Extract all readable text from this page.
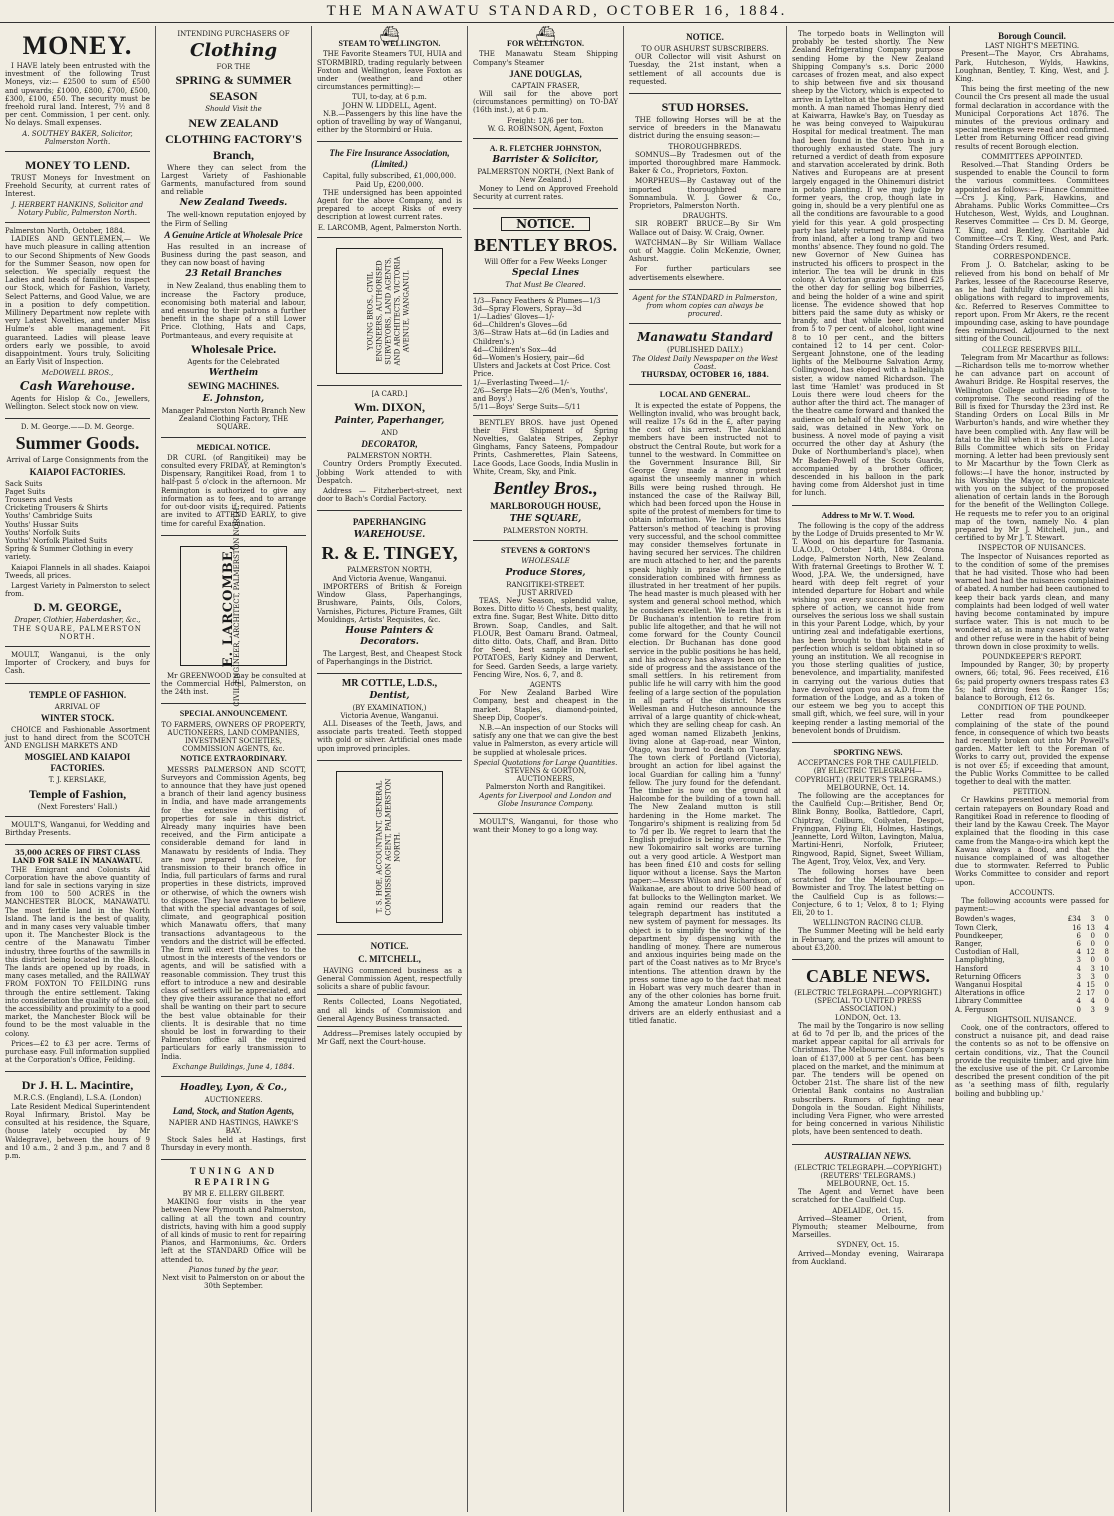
THE MANAWATU STANDARD, OCTOBER 16, 1884.
MONEY.

I HAVE lately been entrusted with the investment of the following Trust Moneys, viz:— £2500 to sum of £500 and upwards; £1000, £800, £700, £500, £300, £100, £50. The security must be freehold rural land. Interest, 7½ and 8 per cent. Commission, 1 per cent. only. No delays. Small expenses.

A. SOUTHEY BAKER, Solicitor, Palmerston North.
MONEY TO LEND.

TRUST Moneys for Investment on Freehold Security, at current rates of Interest.

J. HERBERT HANKINS, Solicitor and Notary Public, Palmerston North.
Palmerston North, October, 1884.

LADIES AND GENTLEMEN,— We have much pleasure in calling attention to our Second Shipments of New Goods for the Summer Season, now open for selection. We specially request the Ladies and heads of families to inspect our Stock, which for Fashion, Variety, Select Patterns, and Good Value, we are in a position to defy competition. Millinery Department now replete with very Latest Novelties, and under Miss Hulme's able management. Fit guaranteed. Ladies will please leave orders early we possible, to avoid disappointment. Yours truly, Soliciting an Early Visit of Inspection.

McDOWELL BROS.,
Cash Warehouse.

Agents for Hislop & Co., Jewellers, Wellington. Select stock now on view.

D. M. George.——D. M. George.
Summer Goods.
Arrival of Large Consignments from the
KAIAPOI FACTORIES.
Sack Suits
Paget Suits
Trousers and Vests
Cricketing Trousers & Shirts
Youths' Cambridge Suits
Youths' Hussar Suits
Youths' Norfolk Suits
Youths' Norfolk Plaited Suits
Spring & Summer Clothing in every variety.

Kaiapoi Flannels in all shades. Kaiapoi Tweeds, all prices.

Largest Variety in Palmerston to select from.

D. M. GEORGE,
Draper, Clothier, Haberdasher, &c.,
THE SQUARE, PALMERSTON NORTH.

MOULT, Wanganui, is the only Importer of Crockery, and buys for Cash.

TEMPLE OF FASHION.
ARRIVAL OF
WINTER STOCK.

CHOICE and Fashionable Assortment just to hand direct from the SCOTCH AND ENGLISH MARKETS AND

MOSGIEL AND KAIAPOI FACTORIES.
T. J. KERSLAKE,
Temple of Fashion,
(Next Foresters' Hall.)

MOULT'S, Wanganui, for Wedding and Birthday Presents.

35,000 ACRES OF FIRST CLASS LAND FOR SALE IN MANAWATU.

THE Emigrant and Colonists Aid Corporation have the above quantity of land for sale in sections varying in size from 100 to 500 ACRES in the MANCHESTER BLOCK, MANAWATU. The most fertile land in the North Island. The land is the best of quality, and in many cases very valuable timber upon it. The Manchester Block is the centre of the Manawatu Timber industry, three fourths of the sawmills in this district being located in the Block. The lands are opened up by roads, in many cases metalled, and the RAILWAY FROM FOXTON TO FEILDING runs through the entire settlement. Taking into consideration the quality of the soil, the accessibility and proximity to a good market, the Manchester Block will be found to be the most valuable in the colony.

Prices—£2 to £3 per acre. Terms of purchase easy. Full information supplied at the Corporation's Office, Feilding.

Dr J. H. L. Macintire,
M.R.C.S. (England), L.S.A. (London)

Late Resident Medical Superintendent Royal Infirmary, Bristol. May be consulted at his residence, the Square, (house lately occupied by Mr Waldegrave), between the hours of 9 and 10 a.m., 2 and 3 p.m., and 7 and 8 p.m.

INTENDING PURCHASERS OF
Clothing
FOR THE
SPRING & SUMMER
SEASON
Should Visit the
NEW ZEALAND
CLOTHING FACTORY'S
Branch,

Where they can select from the Largest Variety of Fashionable Garments, manufactured from sound and reliable

New Zealand Tweeds.

The well-known reputation enjoyed by the Firm of Selling

A Genuine Article at Wholesale Price

Has resulted in an increase of Business during the past season, and they can now boast of having

23 Retail Branches

in New Zealand, thus enabling them to increase the Factory produce, economising both material and labour, and ensuring to their patrons a further benefit in the shape of a still Lower Price. Clothing, Hats and Caps, Portmanteaus, and every requisite at

Wholesale Price.
Agents for the Celebrated
Wertheim
SEWING MACHINES.
E. Johnston,
Manager Palmerston North Branch New Zealand Clothing Factory, THE SQUARE.
MEDICAL NOTICE.

DR CURL (of Rangitikei) may be consulted every FRIDAY, at Remington's Dispensary, Rangitikei Road, from 1 to half-past 5 o'clock in the afternoon. Mr Remington is authorized to give any information as to fees, and to arrange for out-door visits if required. Patients are invited to ATTEND EARLY, to give time for careful Examination.

E. LARCOMBE,
CIVIL ENGINEER, ARCHITECT, PALMERSTON NORTH.

Mr GREENWOOD may be consulted at the Commercial Hotel, Palmerston, on the 24th inst.

SPECIAL ANNOUNCEMENT.
TO FARMERS, OWNERS OF PROPERTY, AUCTIONEERS, LAND COMPANIES, INVESTMENT SOCIETIES, COMMISSION AGENTS, &c.
NOTICE EXTRAORDINARY.

MESSRS PALMERSON AND SCOTT, Surveyors and Commission Agents, beg to announce that they have just opened a branch of their land agency business in India, and have made arrangements for the extensive advertising of properties for sale in this district. Already many inquiries have been received, and the Firm anticipate a considerable demand for land in Manawatu by residents of India. They are now prepared to receive, for transmission to their branch office in India, full particulars of farms and rural properties in these districts, improved or otherwise, of which the owners wish to dispose. They have reason to believe that with the special advantages of soil, climate, and geographical position which Manawatu offers, that many transactions advantageous to the vendors and the district will be effected. The firm will exert themselves to the utmost in the interests of the vendors or agents, and will be satisfied with a reasonable commission. They trust this effort to introduce a new and desirable class of settlers will be appreciated, and they give their assurance that no effort shall be wanting on their part to secure the best value obtainable for their clients. It is desirable that no time should be lost in forwarding to their Palmerston office all the required particulars for early transmission to India.

Exchange Buildings, June 4, 1884.
Hoadley, Lyon, & Co.,
AUCTIONEERS.
Land, Stock, and Station Agents,
NAPIER AND HASTINGS, HAWKE'S BAY.

Stock Sales held at Hastings, first Thursday in every month.

TUNING AND REPAIRING
BY MR E. ELLERY GILBERT.

MAKING four visits in the year between New Plymouth and Palmerston, calling at all the town and country districts, having with him a good supply of all kinds of music to rent for repairing Pianos, and Harmoniums, &c. Orders left at the STANDARD Office will be attended to.

Pianos tuned by the year.
Next visit to Palmerston on or about the 30th September.
⛴
STEAM TO WELLINGTON.

THE Favorite Steamers TUI, HUIA and STORMBIRD, trading regularly between Foxton and Wellington, leave Foxton as under (weather and other circumstances permitting):—

TUI, to-day, at 6 p.m.
JOHN W. LIDDELL, Agent.

N.B.—Passengers by this line have the option of travelling by way of Wanganui, either by the Stormbird or Huia.

The Fire Insurance Association, (Limited.)
Capital, fully subscribed, £1,000,000.
Paid Up, £200,000.

THE undersigned has been appointed Agent for the above Company, and is prepared to accept Risks of every description at lowest current rates.

E. LARCOMB, Agent, Palmerston North.
YOUNG BROS., CIVIL ENGINEERS, AUTHORISED SURVEYORS, LAND AGENTS, AND ARCHITECTS, VICTORIA AVENUE, WANGANUI.
[A CARD.]
Wm. DIXON,
Painter, Paperhanger,
AND
DECORATOR,
PALMERSTON NORTH.

Country Orders Promptly Executed. Jobbing Work attended to with Despatch.

Address — Fitzherbert-street, next door to Bach's Cordial Factory.

PAPERHANGING
WAREHOUSE.
R. & E. TINGEY,
PALMERSTON NORTH,
And Victoria Avenue, Wanganui.

IMPORTERS of British & Foreign Window Glass, Paperhangings, Brushware, Paints, Oils, Colors, Varnishes, Pictures, Picture Frames, Gilt Mouldings, Artists' Requisites, &c.

House Painters & Decorators.

The Largest, Best, and Cheapest Stock of Paperhangings in the District.

MR COTTLE, L.D.S.,
Dentist,
(BY EXAMINATION,)
Victoria Avenue, Wanganui.

ALL Diseases of the Teeth, Jaws, and associate parts treated. Teeth stopped with gold or silver. Artificial ones made upon improved principles.

T. S. HOE, ACCOUNTANT, GENERAL COMMISSION AGENT, PALMERSTON NORTH.
NOTICE.
C. MITCHELL,

HAVING commenced business as a General Commission Agent, respectfully solicits a share of public favour.

Rents Collected, Loans Negotiated, and all kinds of Commission and General Agency Business transacted.

Address—Premises lately occupied by Mr Gaff, next the Court-house.

⛴
FOR WELLINGTON.

THE Manawatu Steam Shipping Company's Steamer

JANE DOUGLAS,
CAPTAIN FRASER,

Will sail for the above port (circumstances permitting) on TO-DAY (16th inst.), at 6 p.m.

Freight: 12/6 per ton.
W. G. ROBINSON, Agent, Foxton
A. R. FLETCHER JOHNSTON,
Barrister & Solicitor,
PALMERSTON NORTH, (Next Bank of New Zealand.)

Money to Lend on Approved Freehold Security at current rates.

NOTICE.
BENTLEY BROS.
Will Offer for a Few Weeks Longer
Special Lines
That Must Be Cleared.
1/3—Fancy Feathers & Plumes—1/3
3d—Spray Flowers, Spray—3d
1/—Ladies' Gloves—1/-
6d—Children's Gloves—6d
3/6—Straw Hats at—6d (in Ladies and Children's.)
4d—Children's Sox—4d
6d—Women's Hosiery, pair—6d
Ulsters and Jackets at Cost Price. Cost Price.
1/—Everlasting Tweed—1/-
2/6—Serge Hats—2/6 (Men's, Youths', and Boys'.)
5/11—Boys' Serge Suits—5/11

BENTLEY BROS. have just Opened their First Shipment of Spring Novelties, Galatea Stripes, Zephyr Ginghams, Fancy Sateens, Pompadour Prints, Cashmerettes, Plain Sateens, Lace Goods, Lace Goods, India Muslin in White, Cream, Sky, and Pink.

Bentley Bros.,
MARLBOROUGH HOUSE,
THE SQUARE,
PALMERSTON NORTH.
STEVENS & GORTON'S
WHOLESALE
Produce Stores,
RANGITIKEI-STREET.
JUST ARRIVED

TEAS, New Season, splendid value, Boxes. Ditto ditto ½ Chests, best quality, extra fine. Sugar, Best White. Ditto ditto Brown. Soap, Candles, and Salt. FLOUR, Best Oamaru Brand. Oatmeal, ditto ditto. Oats, Chaff, and Bran. Ditto for Seed, best sample in market. POTATOES, Early Kidney and Derwent, for Seed. Garden Seeds, a large variety. Fencing Wire, Nos. 6, 7, and 8.

AGENTS

For New Zealand Barbed Wire Company, best and cheapest in the market. Staples, diamond-pointed, Sheep Dip, Cooper's.

N.B.—An inspection of our Stocks will satisfy any one that we can give the best value in Palmerston, as every article will be supplied at wholesale prices.

Special Quotations for Large Quantities.
STEVENS & GORTON,
AUCTIONEERS,
Palmerston North and Rangitikei.
Agents for Liverpool and London and Globe Insurance Company.

MOULT'S, Wanganui, for those who want their Money to go a long way.

NOTICE.
TO OUR ASHURST SUBSCRIBERS.

OUR Collector will visit Ashurst on Tuesday, the 21st instant, when a settlement of all accounts due is requested.

STUD HORSES.

THE following Horses will be at the service of breeders in the Manawatu district during the ensuing season:—

THOROUGHBREDS.

SOMNUS—By Tradesmen out of the imported thoroughbred mare Hammock. Baker & Co., Proprietors, Foxton.

MORPHEUS—By Castaway out of the imported thoroughbred mare Somnambula. W. J. Gower & Co., Proprietors, Palmerston North.

DRAUGHTS.

SIR ROBERT BRUCE—By Sir Wm Wallace out of Daisy. W. Craig, Owner.

WATCHMAN—By Sir William Wallace out of Maggie. Colin McKenzie, Owner, Ashurst.

For further particulars see advertisements elsewhere.

Agent for the STANDARD in Palmerston, from whom copies can always be procured.
Manawatu Standard
(PUBLISHED DAILY.)
The Oldest Daily Newspaper on the West Coast.
THURSDAY, OCTOBER 16, 1884.
LOCAL AND GENERAL.

It is expected the estate of Poppens, the Wellington invalid, who was brought back, will realize 17s 6d in the £, after paying the cost of his arrest. The Auckland members have been instructed not to obstruct the Central Route, but work for a tunnel to the westward. In Committee on the Government Insurance Bill, Sir George Grey made a strong protest against the unseemly manner in which Bills were being rushed through. He instanced the case of the Railway Bill, which had been forced upon the House in spite of the protest of members for time to obtain information. We learn that Miss Patterson's method of teaching is proving very successful, and the school committee may consider themselves fortunate in having secured her services. The children are much attached to her, and the parents speak highly in praise of her gentle consideration combined with firmness as illustrated in her treatment of her pupils. The head master is much pleased with her system and general school method, which he considers excellent. We learn that it is Dr Buchanan's intention to retire from public life altogether, and that he will not come forward for the County Council election. Dr Buchanan has done good service in the public positions he has held, and his advocacy has always been on the side of progress and the assistance of the small settlers. In his retirement from public life he will carry with him the good feeling of a large section of the population in all parts of the district. Messrs Wellesman and Hutcheson announce the arrival of a large quantity of chick-wheat, which they are selling cheap for cash. An aged woman named Elizabeth Jenkins, living alone at Gap-road, near Winton, Otago, was burned to death on Tuesday. The town clerk of Portland (Victoria), brought an action for libel against the local Guardian for calling him a 'funny' fellow. The jury found for the defendant. The timber is now on the ground at Halcombe for the building of a town hall. The New Zealand mutton is still hardening in the Home market. The Tongariro's shipment is realizing from 5d to 7d per lb. We regret to learn that the English prejudice is being overcome. The new Tokomairiro salt works are turning out a very good article. A Westport man has been fined £10 and costs for selling liquor without a license. Says the Marton paper:—Messrs Wilson and Richardson, of Waikanae, are about to drive 500 head of fat bullocks to the Wellington market. We again remind our readers that the telegraph department has instituted a new system of payment for messages. Its object is to simplify the working of the department by dispensing with the handling of money. There are numerous and anxious inquiries being made on the part of the Coast natives as to Mr Bryce's intentions. The attention drawn by the press some time ago to the fact that meat in Hobart was very much dearer than in any of the other colonies has borne fruit. Among the amateur London hansom cab drivers are an elderly enthusiast and a titled fanatic.

The torpedo boats in Wellington will probably be tested shortly. The New Zealand Refrigerating Company purpose sending Home by the New Zealand Shipping Company's s.s. Doric 2000 carcases of frozen meat, and also expect to ship between five and six thousand sheep by the Victory, which is expected to arrive in Lyttelton at the beginning of next month. A man named Thomas Henry died at Kaiwarra, Hawke's Bay, on Tuesday as he was being conveyed to Waipukurau Hospital for medical treatment. The man had been found in the Ouero bush in a thoroughly exhausted state. The jury returned a verdict of death from exposure and starvation accelerated by drink. Both Natives and Europeans are at present largely engaged in the Ohinemuri district in potato planting. If we may judge by former years, the crop, though late in going in, should be a very plentiful one as all the conditions are favourable to a good yield for this year. A gold prospecting party has lately returned to New Guinea from inland, after a long tramp and two months' absence. They found no gold. The new Governor of New Guinea has instructed his officers to prospect in the interior. The tea will be drunk in this colony. A Victorian grazier was fined £25 the other day for selling bog bilberries, and being the holder of a wine and spirit license. The evidence showed that hop bitters paid the same duty as whisky or brandy, and that while beer contained from 5 to 7 per cent. of alcohol, light wine 8 to 10 per cent., and the bitters contained 12 to 14 per cent. Color-Sergeant Johnstone, one of the leading lights of the Melbourne Salvation Army, Collingwood, has eloped with a hallelujah sister, a widow named Richardson. The last time 'Hamlet' was produced in St Louis there were loud cheers for the author after the third act. The manager of the theatre came forward and thanked the audience on behalf of the author, who, he said, was detained in New York on business. A novel mode of paying a visit occurred the other day at Ashury (the Duke of Northumberland's place), when Mr Baden-Powell of the Scots Guards, accompanied by a brother officer, descended in his balloon in the park having come from Aldershot just in time for lunch.

Address to Mr W. T. Wood.

The following is the copy of the address by the Lodge of Druids presented to Mr W. T. Wood on his departure for Tasmania. U.A.O.D., October 14th, 1884. Orona Lodge, Palmerston North, New Zealand. With fraternal Greetings to Brother W. T. Wood, J.P.A. We, the undersigned, have heard with deep felt regret of your intended departure for Hobart and while wishing you every success in your new sphere of action, we cannot hide from ourselves the serious loss we shall sustain in this your Parent Lodge, which, by your untiring zeal and indefatigable exertions, has been brought to that high state of perfection which is seldom obtained in so young an institution. We all recognise in you those sterling qualities of justice, benevolence, and impartiality, manifested in carrying out the various duties that have devolved upon you as A.D. from the formation of the Lodge, and as a token of our esteem we beg you to accept this small gift, which, we feel sure, will in your keeping render a lasting memorial of the benevolent bonds of Druidism.

SPORTING NEWS.
ACCEPTANCES FOR THE CAULFIELD.
(BY ELECTRIC TELEGRAPH—COPYRIGHT.) (REUTER'S TELEGRAMS.)
MELBOURNE, Oct. 14.

The following are the acceptances for the Caulfield Cup:—Britisher, Bend Or, Blink Bonny, Boolka, Battledore, Caprl, Chiptray, Coilburn, Coilyaten, Despot, Fryingpan, Flying Eli, Holmes, Hastings, Jeannette, Lord Wilton, Lavington, Malua, Martini-Henri, Norfolk, Friuteer, Ringwood, Rapid, Signet, Sweet William, The Agent, Troy, Velox, Vex, and Very.

The following horses have been scratched for the Melbourne Cup:—Bowmister and Troy. The latest betting on the Caulfield Cup is as follows:—Conjecture, 6 to 1; Velox, 8 to 1; Flying Eli, 20 to 1.

WELLINGTON RACING CLUB.

The Summer Meeting will be held early in February, and the prizes will amount to about £3,200.

CABLE NEWS.
(ELECTRIC TELEGRAPH.—COPYRIGHT.) (SPECIAL TO UNITED PRESS ASSOCIATION.)
LONDON, Oct. 13.

The mail by the Tongariro is now selling at 6d to 7d per lb, and the prices of the market appear capital for all arrivals for Christmas. The Melbourne Gas Company's loan of £137,000 at 5 per cent. has been placed on the market, and the minimum at par. The tenders will be opened on October 21st. The share list of the new Oriental Bank contains no Australian subscribers. Rumors of fighting near Dongola in the Soudan. Eight Nihilists, including Vera Figner, who were arrested for being concerned in various Nihilistic plots, have been sentenced to death.

AUSTRALIAN NEWS.
(ELECTRIC TELEGRAPH.—COPYRIGHT.) (REUTERS' TELEGRAMS.)
MELBOURNE, Oct. 15.

The Agent and Vernet have been scratched for the Caulfield Cup.

ADELAIDE, Oct. 15.

Arrived—Steamer Orient, from Plymouth; steamer Melbourne, from Marseilles.

SYDNEY, Oct. 15.

Arrived—Monday evening, Wairarapa from Auckland.

Borough Council.
LAST NIGHT'S MEETING.

Present—The Mayor, Crs Abrahams, Park, Hutcheson, Wylds, Hawkins, Loughnan, Bentley, T. King, West, and J. King.

This being the first meeting of the new Council the Crs present all made the usual formal declaration in accordance with the Municipal Corporations Act 1876. The minutes of the previous ordinary and special meetings were read and confirmed. Letter from Returning Officer read giving results of recent Borough election.

COMMITTEES APPOINTED.

Resolved.—That Standing Orders be suspended to enable the Council to form the various committees. Committees appointed as follows:— Finance Committee—Crs J. King, Park, Hawkins, and Abrahams. Public Works Committee—Crs Hutcheson, West, Wylds, and Loughnan. Reserves Committee — Crs D. M. George, T. King, and Bentley. Charitable Aid Committee—Crs T. King, West, and Park. Standing Orders resumed.

CORRESPONDENCE.

From J. O. Batchelar, asking to be relieved from his bond on behalf of Mr Parkes, lessee of the Racecourse Reserve, as he had faithfully discharged all his obligations with regard to improvements, &c. Referred to Reserves Committee to report upon. From Mr Akers, re the recent impounding case, asking to have poundage fees reimbursed. Adjourned to the next sitting of the Council.

COLLEGE RESERVES BILL.

Telegram from Mr Macarthur as follows:—Richardson tells me to-morrow whether he can advance part on account of Awahuri Bridge. Re Hospital reserves, the Wellington College authorities refuse to compromise. The second reading of the Bill is fixed for Thursday the 23rd inst. Re Standing Orders on Local Bills in Mr Warburton's hands, and wire whether they have been complied with. Any flaw will be fatal to the Bill when it is before the Local Bills Committee which sits on Friday morning. A letter had been previously sent to Mr Macarthur by the Town Clerk as follows:—I have the honor, instructed by his Worship the Mayor, to communicate with you on the subject of the proposed alienation of certain lands in the Borough for the benefit of the Wellington College. He requests me to refer you to an original map of the town, namely No. 4 plan prepared by Mr J. Mitchell, jun., and certified to by Mr J. T. Stewart.

INSPECTOR OF NUISANCES.

The Inspector of Nuisances reported as to the condition of some of the premises that he had visited. Those who had been warned had had the nuisances complained of abated. A number had been cautioned to keep their back yards clean, and many complaints had been lodged of well water having become contaminated by impure surface water. This is not much to be wondered at, as in many cases dirty water and other refuse were in the habit of being thrown down in close proximity to wells.

POUNDKEEPER'S REPORT.

Impounded by Ranger, 30; by property owners, 66; total, 96. Fees received, £16 6s; paid property owners trespass rates £3 5s; half driving fees to Ranger 15s; balance to Borough, £12 6s.

CONDITION OF THE POUND.

Letter read from poundkeeper complaining of the state of the pound fence, in consequence of which two beasts had recently broken out into Mr Powell's garden. Matter left to the Foreman of Works to carry out, provided the expense is not over £5; if exceeding that amount, the Public Works Committee to be called together to deal with the matter.

PETITION.

Cr Hawkins presented a memorial from certain ratepayers on Boundary Road and Rangitikei Road in reference to flooding of their land by the Kawau Creek. The Mayor explained that the flooding in this case came from the Manga-o-ira which kept the Kawau always a flood, and that the nuisance complained of was altogether due to stormwater. Referred to Public Works Committee to consider and report upon.

ACCOUNTS.

The following accounts were passed for payment:—

Bowden's wages,	£34	3	0
Town Clerk,	16 13	4
Poundkeeper,	6	0	0
Ranger,	6	0	0
Custodian of Hall,	4 12	8
Lamplighting,	3	0	0
Hansford	4	3 10
Returning Officers	3	3	0
Wanganui Hospital	4 15	0
Alterations in office	2 17	0
Library Committee	4	4	0
A. Ferguson	0	3	9
NIGHTSOIL NUISANCE.

Cook, one of the contractors, offered to construct a nuisance pit, and dead raise the contents so as not to be offensive on certain conditions, viz., That the Council provide the requisite timber, and give him the exclusive use of the pit. Cr Larcombe described the present condition of the pit as 'a seething mass of filth, regularly boiling and bubbling up.'
